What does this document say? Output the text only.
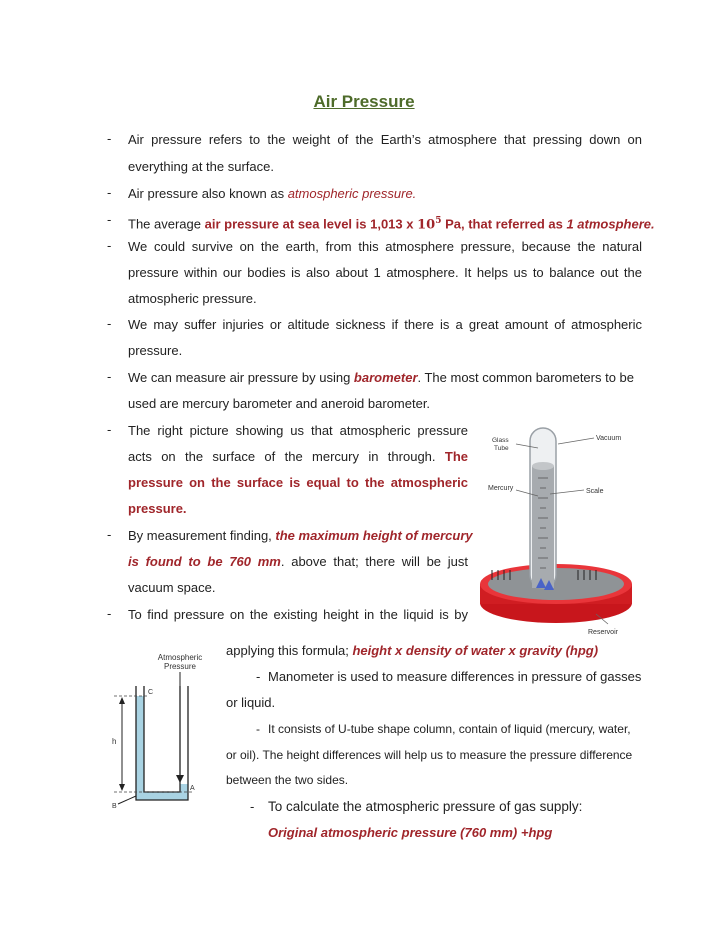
Air Pressure
- Air pressure refers to the weight of the Earth’s atmosphere that pressing down on
everything at the surface.
- Air pressure also known as atmospheric pressure.
- The average air pressure at sea level is 1,013 x $10^5$ Pa, that referred as 1 atmosphere.
- We could survive on the earth, from this atmosphere pressure, because the natural
pressure within our bodies is also about 1 atmosphere. It helps us to balance out the
atmospheric pressure.
- We may suffer injuries or altitude sickness if there is a great amount of atmospheric
pressure.
- We can measure air pressure by using barometer. The most common barometers to be
used are mercury barometer and aneroid barometer.
- The right picture showing us that atmospheric pressure
acts on the surface of the mercury in through. The
pressure on the surface is equal to the atmospheric
pressure.
- By measurement finding, the maximum height of mercury
is found to be 760 mm. above that; there will be just
vacuum space.
- To find pressure on the existing height in the liquid is by
applying this formula; height x density of water x gravity (hpg)
- Manometer is used to measure differences in pressure of gasses
or liquid.
- It consists of U-tube shape column, contain of liquid (mercury, water,
or oil). The height differences will help us to measure the pressure difference
between the two sides.
- To calculate the atmospheric pressure of gas supply:
Original atmospheric pressure (760 mm) +hpg
Glass
Tube
Vacuum
Mercury	Scale
Air
Pressure
Air
Pressure
Reservoir
Atmospheric
Pressure
C
h
A
B
